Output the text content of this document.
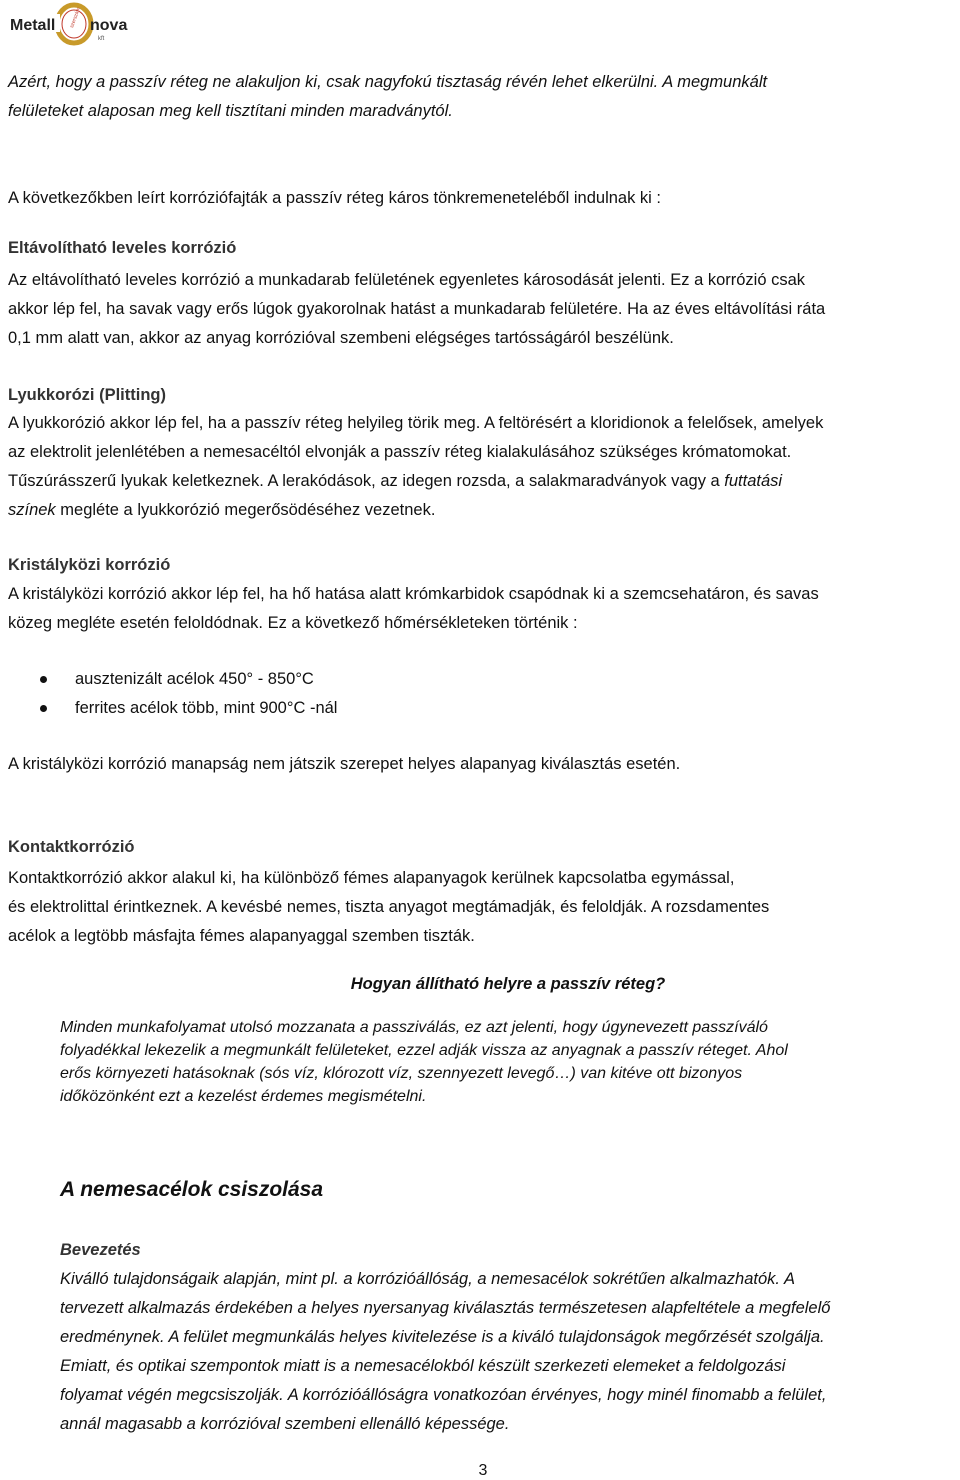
Metall nova
szerszám
kft

Azért, hogy a passzív réteg ne alakuljon ki, csak nagyfokú tisztaság révén lehet elkerülni. A megmunkált
felületeket alaposan meg kell tisztítani minden maradványtól.

A következőkben leírt korróziófajták a passzív réteg káros tönkremeneteléből indulnak ki :

Eltávolítható leveles korrózió

Az eltávolítható leveles korrózió a munkadarab felületének egyenletes károsodását jelenti. Ez a korrózió csak
akkor lép fel, ha savak vagy erős lúgok gyakorolnak hatást a munkadarab felületére. Ha az éves eltávolítási ráta
0,1 mm alatt van, akkor az anyag korrózióval szembeni elégséges tartósságáról beszélünk.

Lyukkorózi (Plitting)

A lyukkorózió akkor lép fel, ha a passzív réteg helyileg törik meg. A feltörésért a kloridionok a felelősek, amelyek
az elektrolit jelenlétében a nemesacéltól elvonják a passzív réteg kialakulásához szükséges krómatomokat.
Tűszúrásszerű lyukak keletkeznek. A lerakódások, az idegen rozsda, a salakmaradványok vagy a futtatási
színek megléte a lyukkorózió megerősödéséhez vezetnek.

Kristályközi korrózió

A kristályközi korrózió akkor lép fel, ha hő hatása alatt krómkarbidok csapódnak ki a szemcsehatáron, és savas
közeg megléte esetén feloldódnak. Ez a következő hőmérsékleteken történik :

ausztenizált acélok 450° - 850°C
ferrites acélok több, mint 900°C -nál

A kristályközi korrózió manapság nem játszik szerepet helyes alapanyag kiválasztás esetén.

Kontaktkorrózió

Kontaktkorrózió akkor alakul ki, ha különböző fémes alapanyagok kerülnek kapcsolatba egymással,
és elektrolittal érintkeznek. A kevésbé nemes, tiszta anyagot megtámadják, és feloldják. A rozsdamentes
acélok a legtöbb másfajta fémes alapanyaggal szemben tiszták.

Hogyan állítható helyre a passzív réteg?

Minden munkafolyamat utolsó mozzanata a passziválás, ez azt jelenti, hogy úgynevezett passzíváló
folyadékkal lekezelik a megmunkált felületeket, ezzel adják vissza az anyagnak a passzív réteget. Ahol
erős környezeti hatásoknak (sós víz, klórozott víz, szennyezett levegő…) van kitéve ott bizonyos
időközönként ezt a kezelést érdemes megismételni.

A nemesacélok csiszolása
Bevezetés

Kiválló tulajdonságaik alapján, mint pl. a korrózióállóság, a nemesacélok sokrétűen alkalmazhatók. A
tervezett alkalmazás érdekében a helyes nyersanyag kiválasztás természetesen alapfeltétele a megfelelő
eredménynek. A felület megmunkálás helyes kivitelezése is a kiváló tulajdonságok megőrzését szolgálja.
Emiatt, és optikai szempontok miatt is a nemesacélokból készült szerkezeti elemeket a feldolgozási
folyamat végén megcsiszolják. A korrózióállóságra vonatkozóan érvényes, hogy minél finomabb a felület,
annál magasabb a korrózióval szembeni ellenálló képessége.

3
